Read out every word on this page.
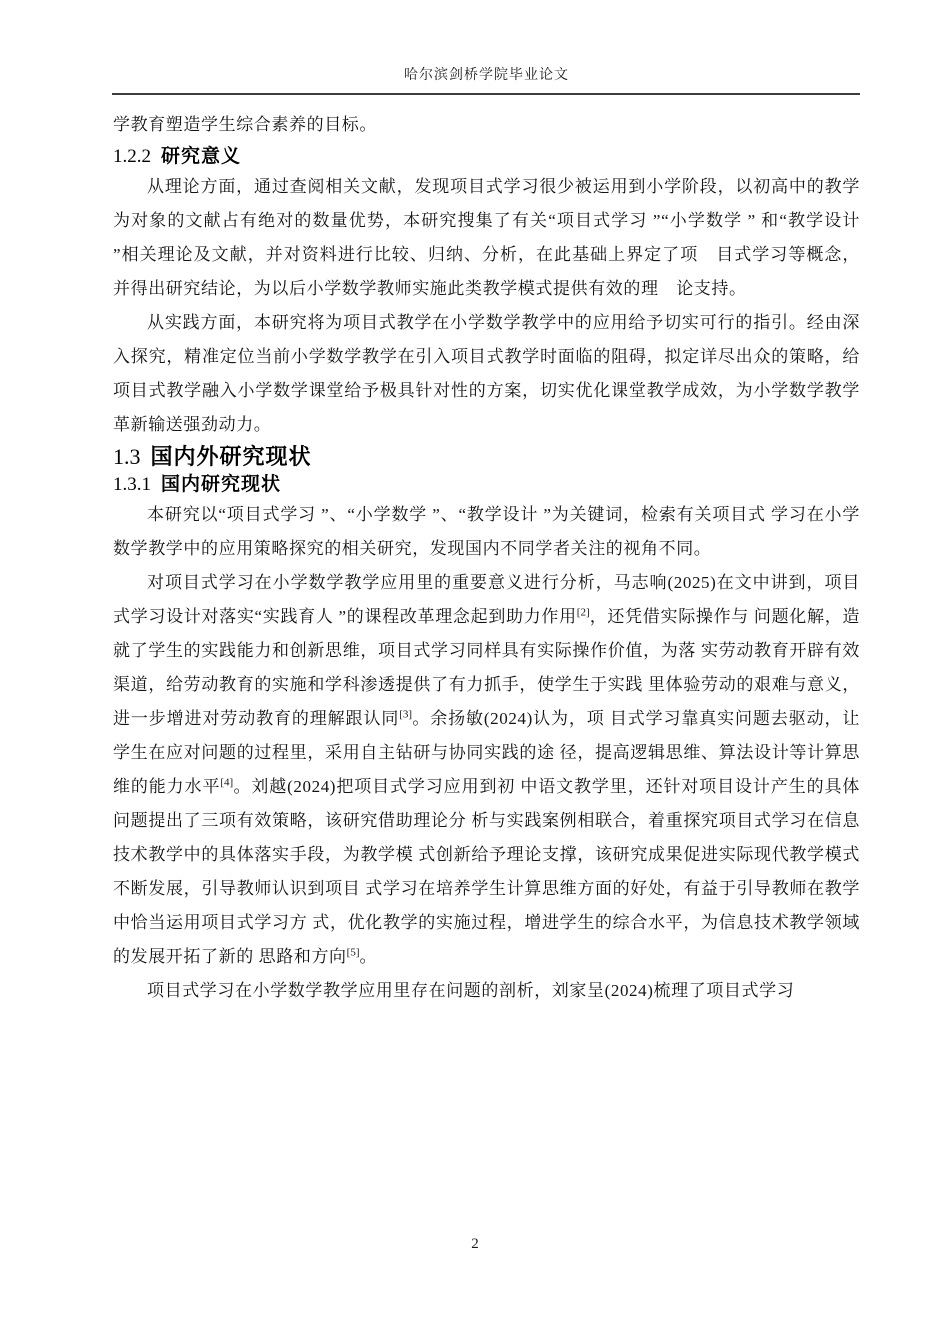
哈尔滨剑桥学院毕业论文

学教育塑造学生综合素养的目标。

1.2.2 研究意义

从理论方面，通过查阅相关文献，发现项目式学习很少被运用到小学阶段，以初高中的教学为对象的文献占有绝对的数量优势，本研究搜集了有关“项目式学习 ”“小学数学 ” 和“教学设计 ”相关理论及文献，并对资料进行比较、归纳、分析，在此基础上界定了项　目式学习等概念，并得出研究结论，为以后小学数学教师实施此类教学模式提供有效的理　论支持。

从实践方面，本研究将为项目式教学在小学数学教学中的应用给予切实可行的指引。经由深入探究，精准定位当前小学数学教学在引入项目式教学时面临的阻碍，拟定详尽出众的策略，给项目式教学融入小学数学课堂给予极具针对性的方案，切实优化课堂教学成效，为小学数学教学革新输送强劲动力。

1.3 国内外研究现状
1.3.1 国内研究现状

本研究以“项目式学习 ”、“小学数学 ”、“教学设计 ”为关键词，检索有关项目式 学习在小学数学教学中的应用策略探究的相关研究，发现国内不同学者关注的视角不同。

对项目式学习在小学数学教学应用里的重要意义进行分析，马志响(2025)在文中讲到，项目式学习设计对落实“实践育人 ”的课程改革理念起到助力作用[2]，还凭借实际操作与 问题化解，造就了学生的实践能力和创新思维，项目式学习同样具有实际操作价值，为落 实劳动教育开辟有效渠道，给劳动教育的实施和学科渗透提供了有力抓手，使学生于实践 里体验劳动的艰难与意义，进一步增进对劳动教育的理解跟认同[3]。余扬敏(2024)认为，项 目式学习靠真实问题去驱动，让学生在应对问题的过程里，采用自主钻研与协同实践的途 径，提高逻辑思维、算法设计等计算思维的能力水平[4]。刘越(2024)把项目式学习应用到初 中语文教学里，还针对项目设计产生的具体问题提出了三项有效策略，该研究借助理论分 析与实践案例相联合，着重探究项目式学习在信息技术教学中的具体落实手段，为教学模 式创新给予理论支撑，该研究成果促进实际现代教学模式不断发展，引导教师认识到项目 式学习在培养学生计算思维方面的好处，有益于引导教师在教学中恰当运用项目式学习方 式，优化教学的实施过程，增进学生的综合水平，为信息技术教学领域的发展开拓了新的 思路和方向[5]。

项目式学习在小学数学教学应用里存在问题的剖析，刘家呈(2024)梳理了项目式学习

2
